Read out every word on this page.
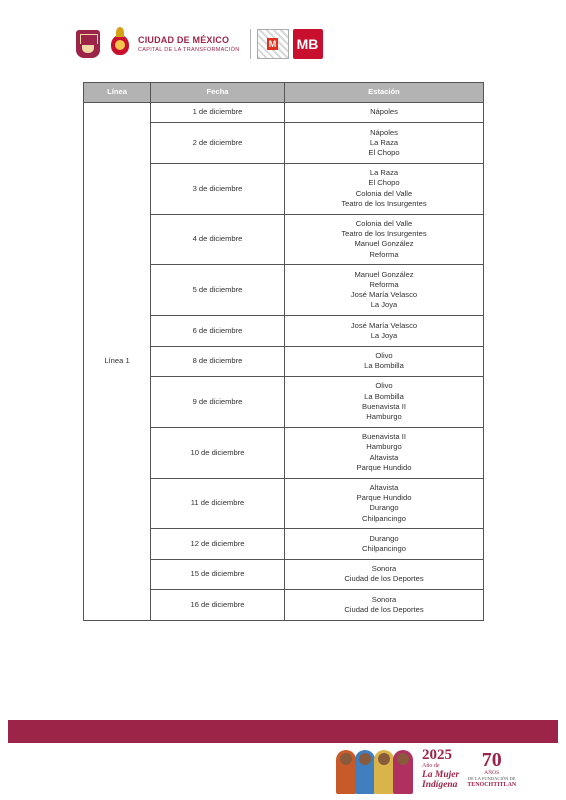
CIUDAD DE MÉXICO
CAPITAL DE LA TRANSFORMACIÓN
M MB
Línea	Fecha	Estación
Línea 1	1 de diciembre	Nápoles

	2 de diciembre	Nápoles
La Raza
El Chopo

	3 de diciembre	La Raza
El Chopo
Colonia del Valle
Teatro de los Insurgentes

	4 de diciembre	Colonia del Valle
Teatro de los Insurgentes
Manuel González
Reforma

	5 de diciembre	Manuel González
Reforma
José María Velasco
La Joya

	6 de diciembre	José María Velasco
La Joya

	8 de diciembre	Olivo
La Bombilla

	9 de diciembre	Olivo
La Bombilla
Buenavista II
Hamburgo

	10 de diciembre	Buenavista II
Hamburgo
Altavista
Parque Hundido

	11 de diciembre	Altavista
Parque Hundido
Durango
Chilpancingo

	12 de diciembre	Durango
Chilpancingo

	15 de diciembre	Sonora
Ciudad de los Deportes

	16 de diciembre	Sonora
Ciudad de los Deportes
2025
Año de
La Mujer
Indígena
70
AÑOS
DE LA FUNDACIÓN DE
TENOCHTITLAN
